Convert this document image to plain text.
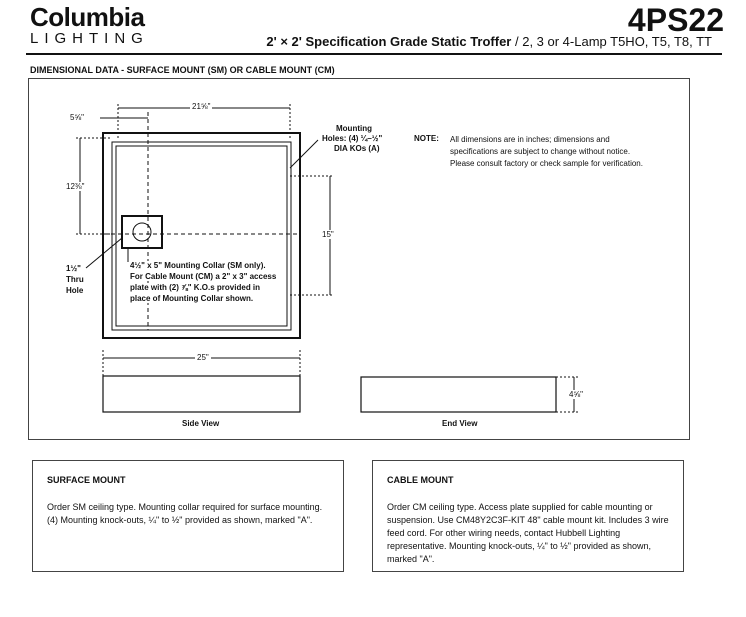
Columbia
LIGHTING
4PS22
2' × 2' Specification Grade Static Troffer / 2, 3 or 4-Lamp T5HO, T5, T8, TT
DIMENSIONAL DATA - SURFACE MOUNT (SM) OR CABLE MOUNT (CM)
21⅝"
5⅝"
12⅜"
15"
25"
4⅝"
Mounting
Holes: (4) ¼–½"
DIA KOs (A)
1½"
Thru
Hole
4½" x 5" Mounting Collar (SM only).
For Cable Mount (CM) a 2" x 3" access
plate with (2) ⅞" K.O.s provided in
place of Mounting Collar shown.
Side View	End View
NOTE: All dimensions are in inches; dimensions and specifications are subject to change without notice. Please consult factory or check sample for verification.
SURFACE MOUNT
Order SM ceiling type. Mounting collar required for surface mounting. (4) Mounting knock-outs, ¼" to ½" provided as shown, marked "A".
CABLE MOUNT
Order CM ceiling type. Access plate supplied for cable mounting or suspension. Use CM48Y2C3F-KIT 48" cable mount kit. Includes 3 wire feed cord. For other wiring needs, contact Hubbell Lighting representative. Mounting knock-outs, ¼" to ½" provided as shown, marked "A".
